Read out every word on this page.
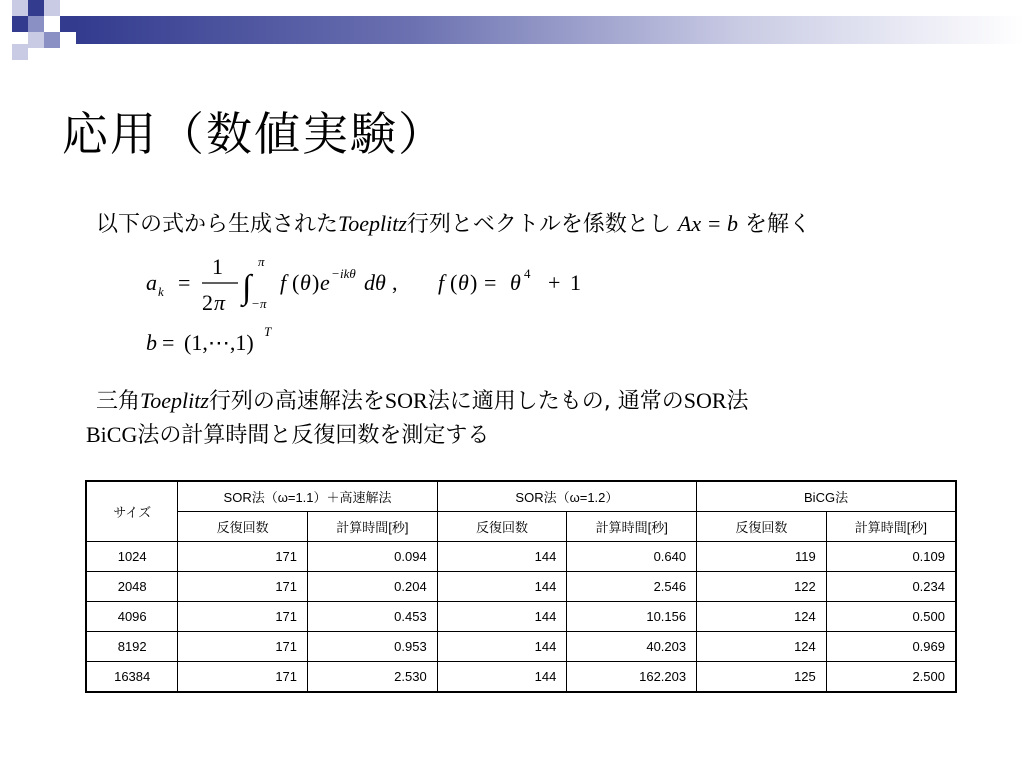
応用（数値実験）
以下の式から生成されたToeplitz行列とベクトルを係数とし Ax = b を解く
a k =
1
2 π ∫
π
− π
f ( θ ) e − ikθ dθ , f ( θ ) = θ 4 + 1
b = (1,⋯,1) T
三角Toeplitz行列の高速解法をSOR法に適用したもの, 通常のSOR法
BiCG法の計算時間と反復回数を測定する
サイズ	SOR法（ω=1.1）＋高速解法		SOR法（ω=1.2）		BiCG法	
	反復回数	計算時間[秒]	反復回数	計算時間[秒]	反復回数	計算時間[秒]
1024	171	0.094	144	0.640	119	0.109
2048	171	0.204	144	2.546	122	0.234
4096	171	0.453	144	10.156	124	0.500
8192	171	0.953	144	40.203	124	0.969
16384	171	2.530	144	162.203	125	2.500
